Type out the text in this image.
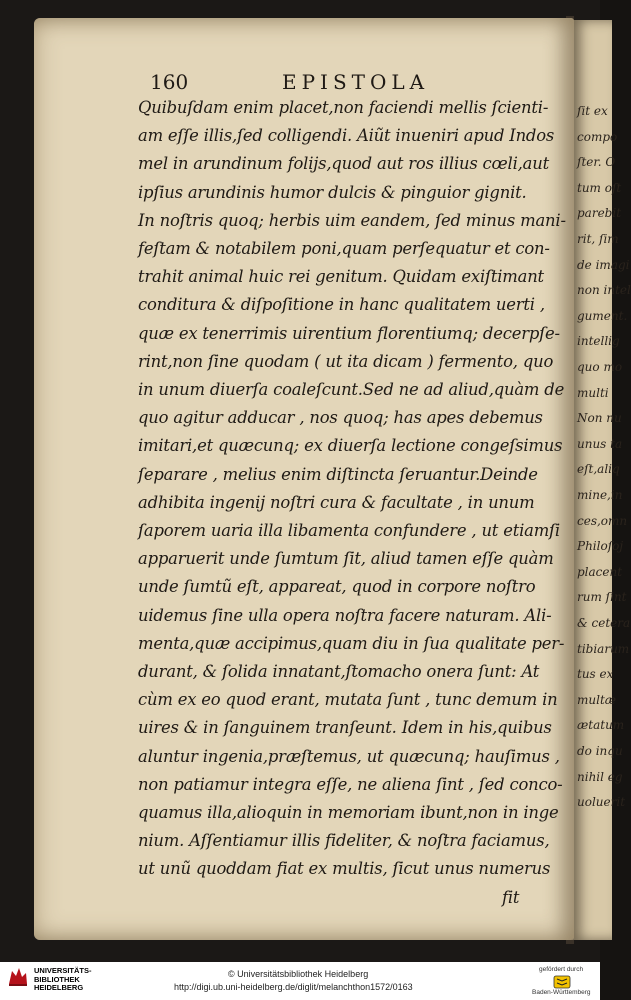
ſit ex
compo
ſter. O
tum oſt
parebit
rit, ſim
de imagi
non intel
gument.
intellig
quo mo
multi
Non nu
unus ta
eſt,aliq
mine,in
ces,omn
Philoſoj
placent
rum ſint
& cetera
tibiarum
tus ex
multæ
ætatum
do inqu
nihil eg
uoluerit
160	EPISTOLA
Quibuſdam enim placet,non faciendi mellis ſcienti-
am eſſe illis,ſed colligendi. Aiũt inueniri apud Indos
mel in arundinum folijs,quod aut ros illius cœli,aut
ipſius arundinis humor dulcis & pinguior gignit.
In noſtris quoq; herbis uim eandem, ſed minus mani-
feſtam & notabilem poni,quam perſequatur et con-
trahit animal huic rei genitum. Quidam exiſtimant
conditura & diſpoſitione in hanc qualitatem uerti ,
quæ ex tenerrimis uirentium florentiumq; decerpſe-
rint,non ſine quodam ( ut ita dicam ) fermento, quo
in unum diuerſa coaleſcunt.Sed ne ad aliud,quàm de
quo agitur adducar , nos quoq; has apes debemus
imitari,et quæcunq; ex diuerſa lectione congeſsimus
ſeparare , melius enim diſtincta ſeruantur.Deinde
adhibita ingenij noſtri cura & facultate , in unum
ſaporem uaria illa libamenta confundere , ut etiamſi
apparuerit unde ſumtum ſit, aliud tamen eſſe quàm
unde ſumtũ eſt, appareat, quod in corpore noſtro
uidemus ſine ulla opera noſtra facere naturam. Ali-
menta,quæ accipimus,quam diu in ſua qualitate per-
durant, & ſolida innatant,ſtomacho onera ſunt: At
cùm ex eo quod erant, mutata ſunt , tunc demum in
uires & in ſanguinem tranſeunt. Idem in his,quibus
aluntur ingenia,præſtemus, ut quæcunq; hauſimus ,
non patiamur integra eſſe, ne aliena ſint , ſed conco-
quamus illa,alioquin in memoriam ibunt,non in inge
nium. Aſſentiamur illis fideliter, & noſtra faciamus,
ut unũ quoddam fiat ex multis, ſicut unus numerus
fit
UNIVERSITÄTS-
BIBLIOTHEK
HEIDELBERG
© Universitätsbibliothek Heidelberg
http://digi.ub.uni-heidelberg.de/diglit/melanchthon1572/0163
gefördert durch
Baden-Württemberg
